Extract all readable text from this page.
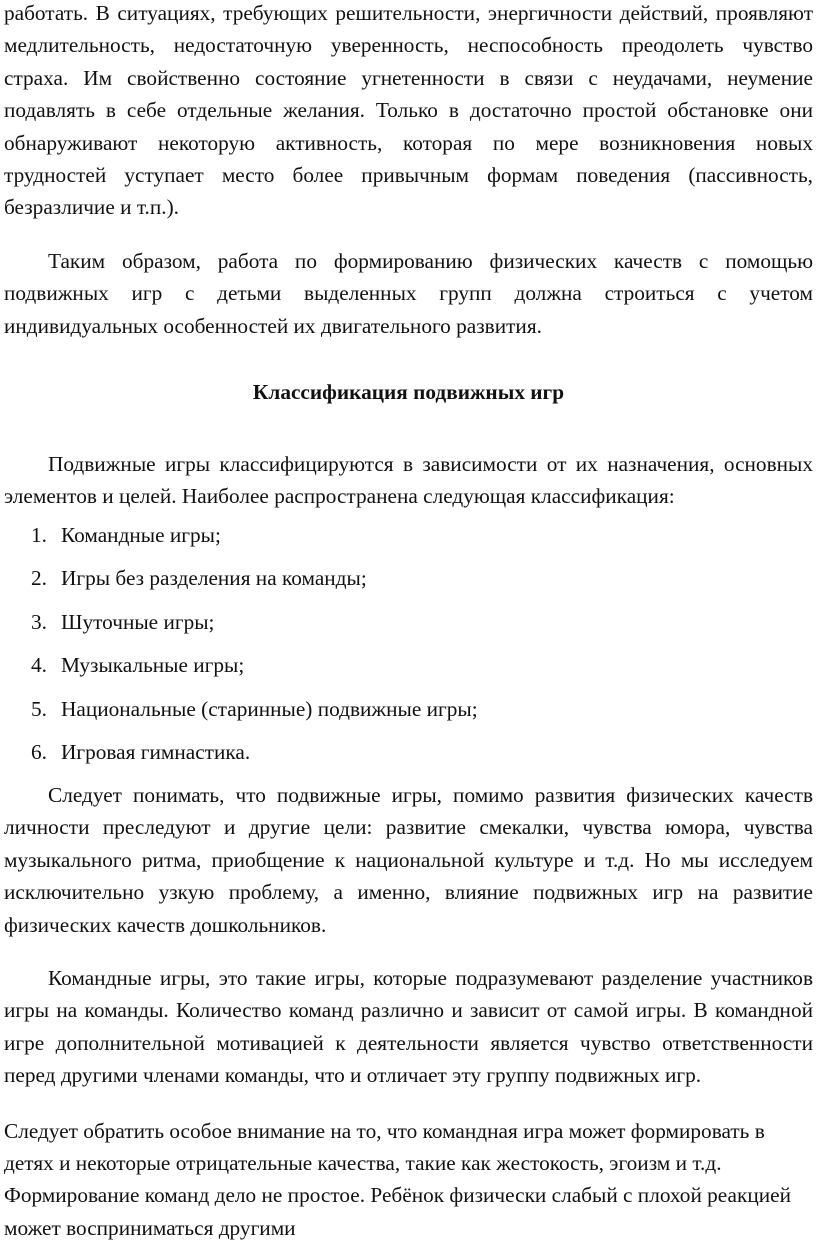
работать. В ситуациях, требующих решительности, энергичности действий, проявляют медлительность, недостаточную уверенность, неспособность преодолеть чувство страха. Им свойственно состояние угнетенности в связи с неудачами, неумение подавлять в себе отдельные желания. Только в достаточно простой обстановке они обнаруживают некоторую активность, которая по мере возникновения новых трудностей уступает место более привычным формам поведения (пассивность, безразличие и т.п.).

Таким образом, работа по формированию физических качеств с помощью подвижных игр с детьми выделенных групп должна строиться с учетом индивидуальных особенностей их двигательного развития.

Классификация подвижных игр

Подвижные игры классифицируются в зависимости от их назначения, основных элементов и целей. Наиболее распространена следующая классификация:

1. Командные игры;
2. Игры без разделения на команды;
3. Шуточные игры;
4. Музыкальные игры;
5. Национальные (старинные) подвижные игры;
6. Игровая гимнастика.

Следует понимать, что подвижные игры, помимо развития физических качеств личности преследуют и другие цели: развитие смекалки, чувства юмора, чувства музыкального ритма, приобщение к национальной культуре и т.д. Но мы исследуем исключительно узкую проблему, а именно, влияние подвижных игр на развитие физических качеств дошкольников.

Командные игры, это такие игры, которые подразумевают разделение участников игры на команды. Количество команд различно и зависит от самой игры. В командной игре дополнительной мотивацией к деятельности является чувство ответственности перед другими членами команды, что и отличает эту группу подвижных игр.

Следует обратить особое внимание на то, что командная игра может формировать в детях и некоторые отрицательные качества, такие как жестокость, эгоизм и т.д. Формирование команд дело не простое. Ребёнок физически слабый с плохой реакцией может восприниматься другими
